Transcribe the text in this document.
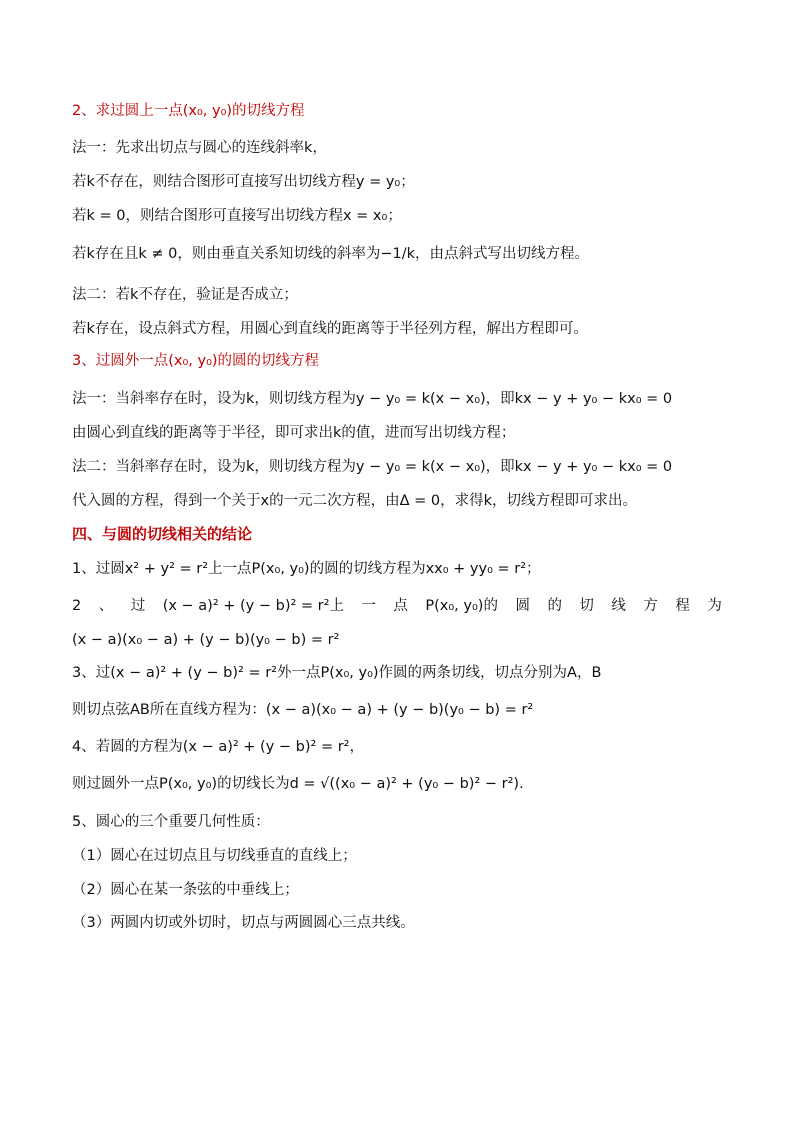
2、求过圆上一点(x₀, y₀)的切线方程
法一：先求出切点与圆心的连线斜率k，
若k不存在，则结合图形可直接写出切线方程y = y₀；
若k = 0，则结合图形可直接写出切线方程x = x₀；
若k存在且k ≠ 0，则由垂直关系知切线的斜率为−1/k，由点斜式写出切线方程。
法二：若k不存在，验证是否成立；
若k存在，设点斜式方程，用圆心到直线的距离等于半径列方程，解出方程即可。
3、过圆外一点(x₀, y₀)的圆的切线方程
法一：当斜率存在时，设为k，则切线方程为y − y₀ = k(x − x₀)，即kx − y + y₀ − kx₀ = 0
由圆心到直线的距离等于半径，即可求出k的值，进而写出切线方程；
法二：当斜率存在时，设为k，则切线方程为y − y₀ = k(x − x₀)，即kx − y + y₀ − kx₀ = 0
代入圆的方程，得到一个关于x的一元二次方程，由Δ = 0，求得k，切线方程即可求出。
四、与圆的切线相关的结论
1、过圆x² + y² = r²上一点P(x₀, y₀)的圆的切线方程为xx₀ + yy₀ = r²；
2 、 过 (x − a)² + (y − b)² = r²上 一 点 P(x₀, y₀)的 圆 的 切 线 方 程 为
(x − a)(x₀ − a) + (y − b)(y₀ − b) = r²
3、过(x − a)² + (y − b)² = r²外一点P(x₀, y₀)作圆的两条切线，切点分别为A，B
则切点弦AB所在直线方程为：(x − a)(x₀ − a) + (y − b)(y₀ − b) = r²
4、若圆的方程为(x − a)² + (y − b)² = r²，
则过圆外一点P(x₀, y₀)的切线长为d = √((x₀ − a)² + (y₀ − b)² − r²).
5、圆心的三个重要几何性质：
（1）圆心在过切点且与切线垂直的直线上；
（2）圆心在某一条弦的中垂线上；
（3）两圆内切或外切时，切点与两圆圆心三点共线。
